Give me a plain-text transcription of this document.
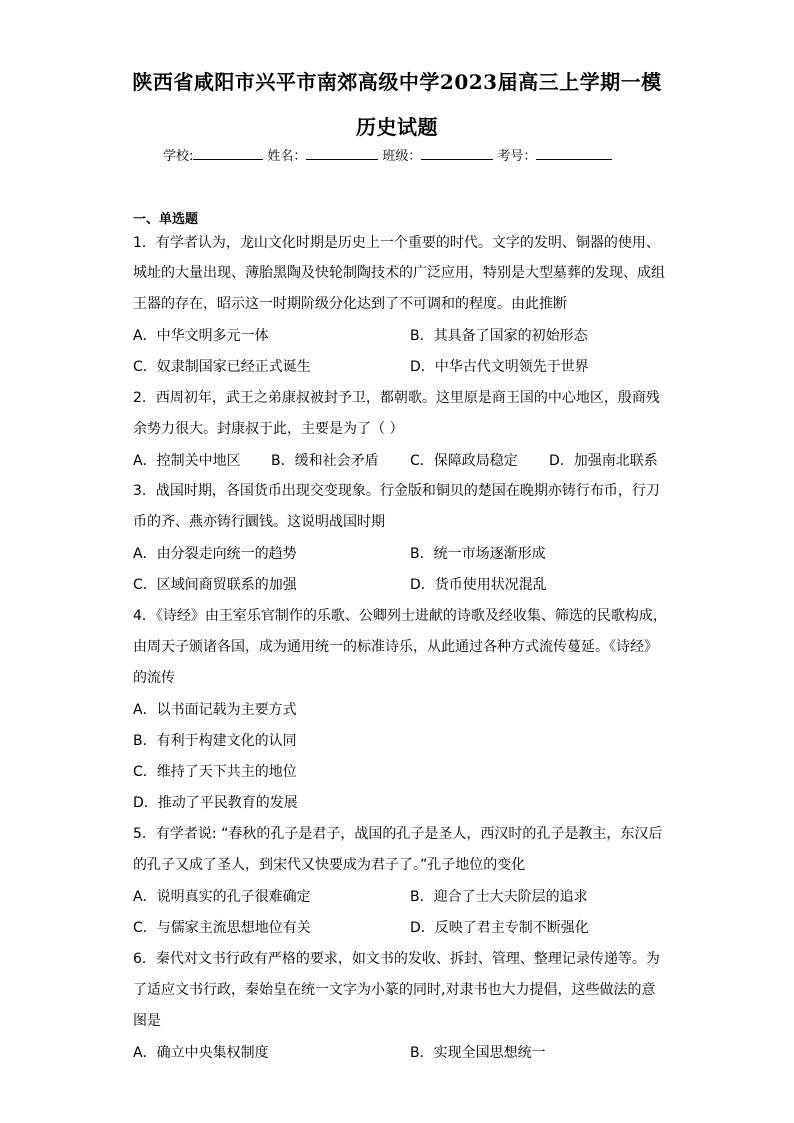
陕西省咸阳市兴平市南郊高级中学2023届高三上学期一模
历史试题
学校:	姓名：	班级：	考号：
一、单选题
1．有学者认为，龙山文化时期是历史上一个重要的时代。文字的发明、铜器的使用、
城址的大量出现、薄胎黑陶及快轮制陶技术的广泛应用，特别是大型墓葬的发现、成组
王器的存在，昭示这一时期阶级分化达到了不可调和的程度。由此推断
A．中华文明多元一体	B．其具备了国家的初始形态
C．奴隶制国家已经正式诞生	D．中华古代文明领先于世界
2．西周初年，武王之弟康叔被封予卫，都朝歌。这里原是商王国的中心地区，殷商残
余势力很大。封康叔于此，主要是为了（ ）
A．控制关中地区 B．缓和社会矛盾 C．保障政局稳定 D．加强南北联系
3．战国时期，各国货币出现交变现象。行金版和铜贝的楚国在晚期亦铸行布币，行刀
币的齐、燕亦铸行圜钱。这说明战国时期
A．由分裂走向统一的趋势	B．统一市场逐渐形成
C．区域间商贸联系的加强	D．货币使用状况混乱
4．《诗经》由王室乐官制作的乐歌、公卿列士进献的诗歌及经收集、筛选的民歌构成，
由周天子颁诸各国，成为通用统一的标准诗乐，从此通过各种方式流传蔓延。《诗经》
的流传
A．以书面记载为主要方式
B．有利于构建文化的认同
C．维持了天下共主的地位
D．推动了平民教育的发展
5．有学者说: “春秋的孔子是君子，战国的孔子是圣人，西汉时的孔子是教主，东汉后
的孔子又成了圣人，到宋代又快要成为君子了。”孔子地位的变化
A．说明真实的孔子很难确定	B．迎合了士大夫阶层的追求
C．与儒家主流思想地位有关	D．反映了君主专制不断强化
6．秦代对文书行政有严格的要求，如文书的发收、拆封、管理、整理记录传递等。为
了适应文书行政，秦始皇在统一文字为小篆的同时,对隶书也大力提倡，这些做法的意
图是
A．确立中央集权制度	B．实现全国思想统一
